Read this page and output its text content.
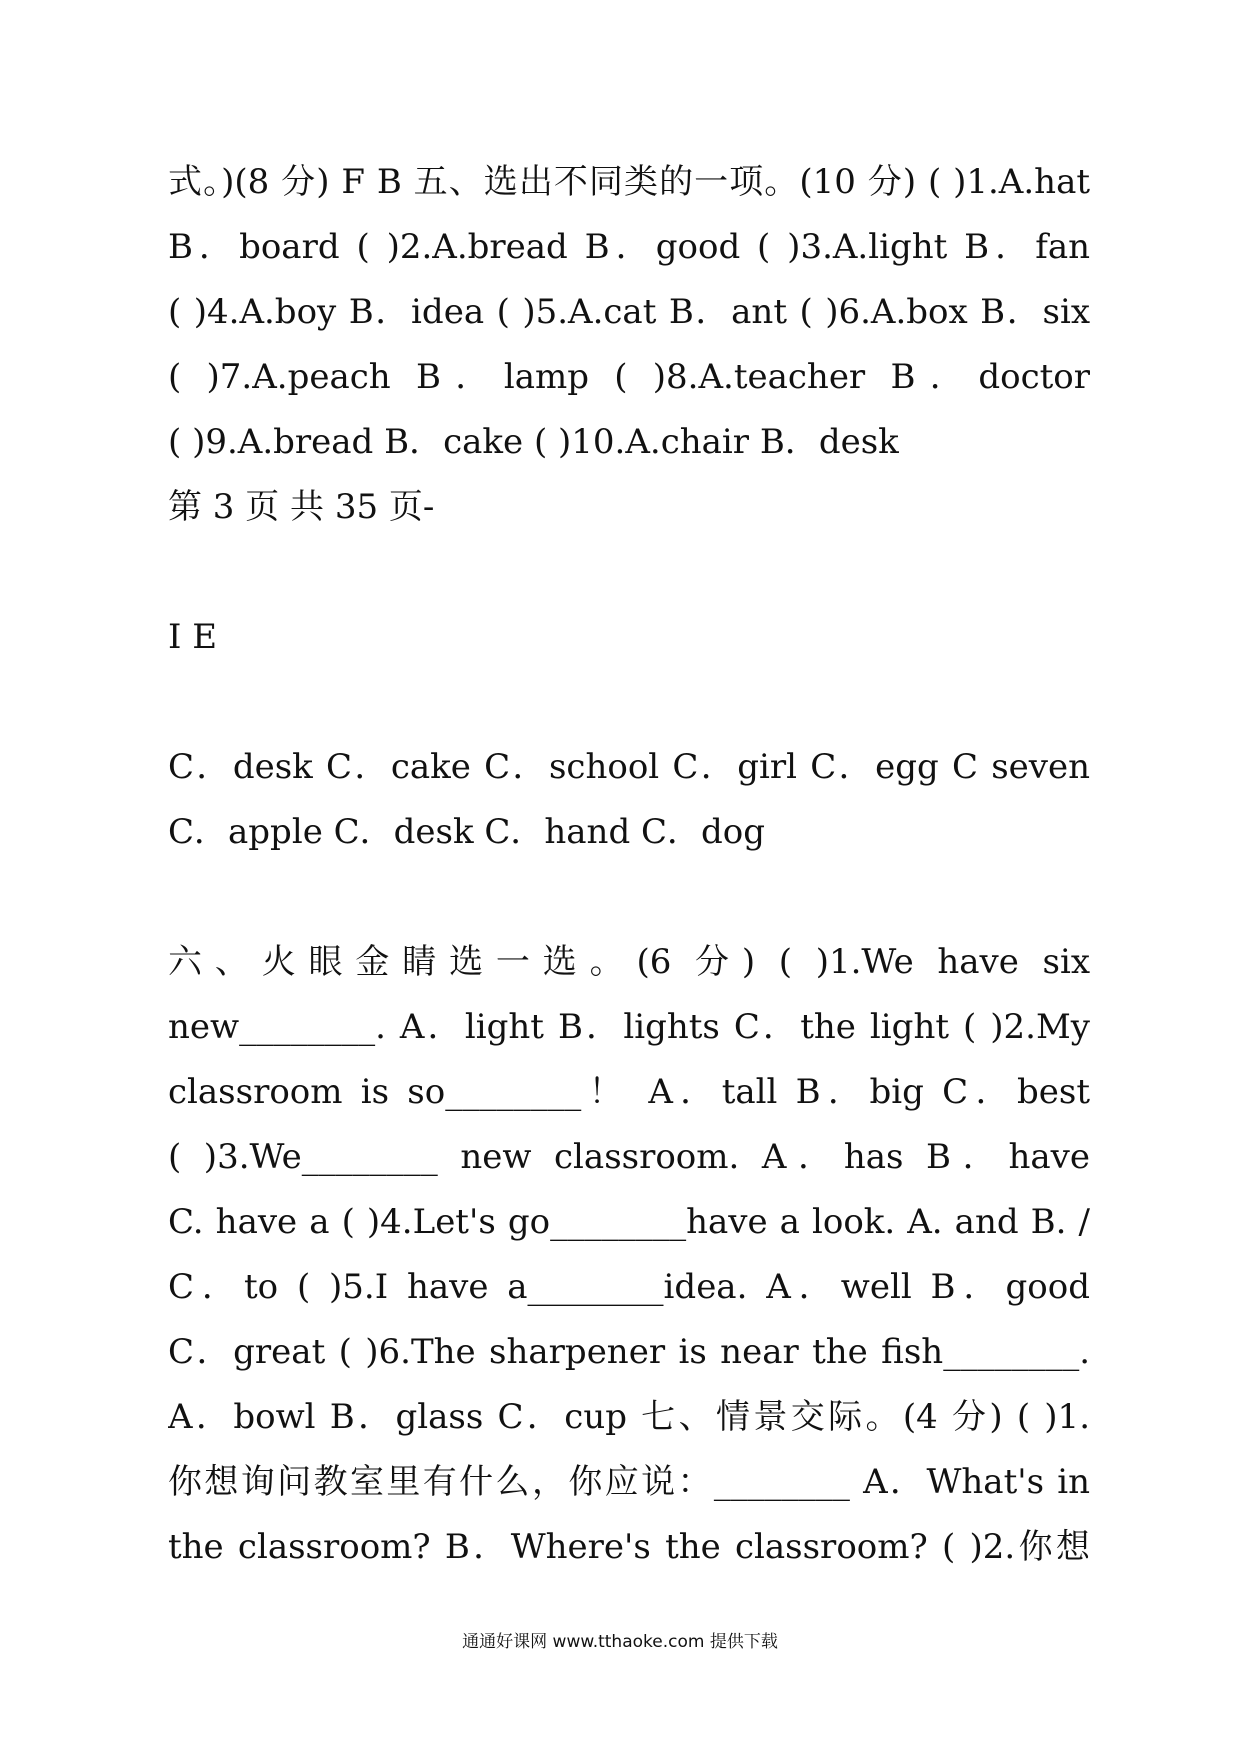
式。)(8 分) F B 五、选出不同类的一项。(10 分) ( )1.A.hat
B．board ( )2.A.bread B．good ( )3.A.light B．fan
( )4.A.boy B．idea ( )5.A.cat B．ant ( )6.A.box B．six
( )7.A.peach B．lamp ( )8.A.teacher B．doctor
( )9.A.bread B．cake ( )10.A.chair B．desk
第 3 页 共 35 页-
I E
C．desk C．cake C．school C．girl C．egg C seven
C．apple C．desk C．hand C．dog
六、火眼金睛选一选。(6 分) ( )1.We have six
new________. A．light B．lights C．the light ( )2.My
classroom is so________！ A．tall B．big C．best
( )3.We________ new classroom. A．has B．have
C. have a ( )4.Let's go________have a look. A. and B. /
C．to ( )5.I have a________idea. A．well B．good
C．great ( )6.The sharpener is near the fish________.
A．bowl B．glass C．cup 七、情景交际。(4 分) ( )1.
你想询问教室里有什么，你应说：________ A．What's in
the classroom? B．Where's the classroom? ( )2.你想
通通好课网 www.tthaoke.com 提供下载
